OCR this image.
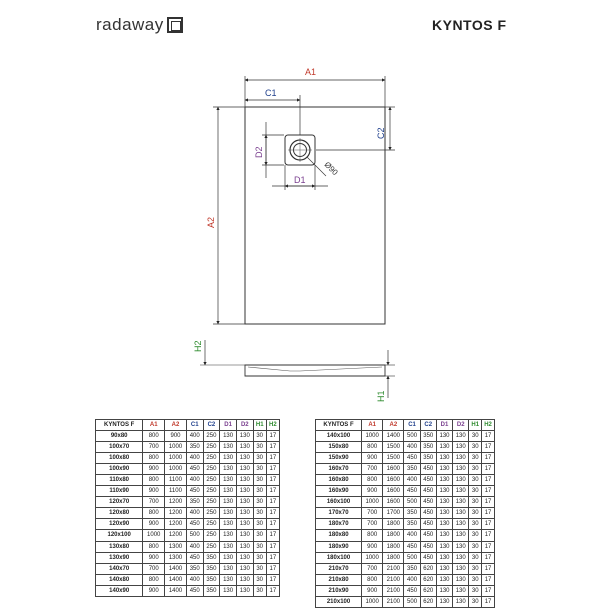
radaway	KYNTOS F
A1
C1
C2
D2
D1
Ø90
A2
H2
H1
KYNTOS F	A1	A2	C1	C2	D1	D2	H1	H2
90x80	800	900	400	250	130	130	30	17
100x70	700	1000	350	250	130	130	30	17
100x80	800	1000	400	250	130	130	30	17
100x90	900	1000	450	250	130	130	30	17
110x80	800	1100	400	250	130	130	30	17
110x90	900	1100	450	250	130	130	30	17
120x70	700	1200	350	250	130	130	30	17
120x80	800	1200	400	250	130	130	30	17
120x90	900	1200	450	250	130	130	30	17
120x100	1000	1200	500	250	130	130	30	17
130x80	800	1300	400	250	130	130	30	17
130x90	900	1300	450	350	130	130	30	17
140x70	700	1400	350	350	130	130	30	17
140x80	800	1400	400	350	130	130	30	17
140x90	900	1400	450	350	130	130	30	17
KYNTOS F	A1	A2	C1	C2	D1	D2	H1	H2
140x100	1000	1400	500	350	130	130	30	17
150x80	800	1500	400	350	130	130	30	17
150x90	900	1500	450	350	130	130	30	17
160x70	700	1600	350	450	130	130	30	17
160x80	800	1600	400	450	130	130	30	17
160x90	900	1600	450	450	130	130	30	17
160x100	1000	1600	500	450	130	130	30	17
170x70	700	1700	350	450	130	130	30	17
180x70	700	1800	350	450	130	130	30	17
180x80	800	1800	400	450	130	130	30	17
180x90	900	1800	450	450	130	130	30	17
180x100	1000	1800	500	450	130	130	30	17
210x70	700	2100	350	620	130	130	30	17
210x80	800	2100	400	620	130	130	30	17
210x90	900	2100	450	620	130	130	30	17
210x100	1000	2100	500	620	130	130	30	17
